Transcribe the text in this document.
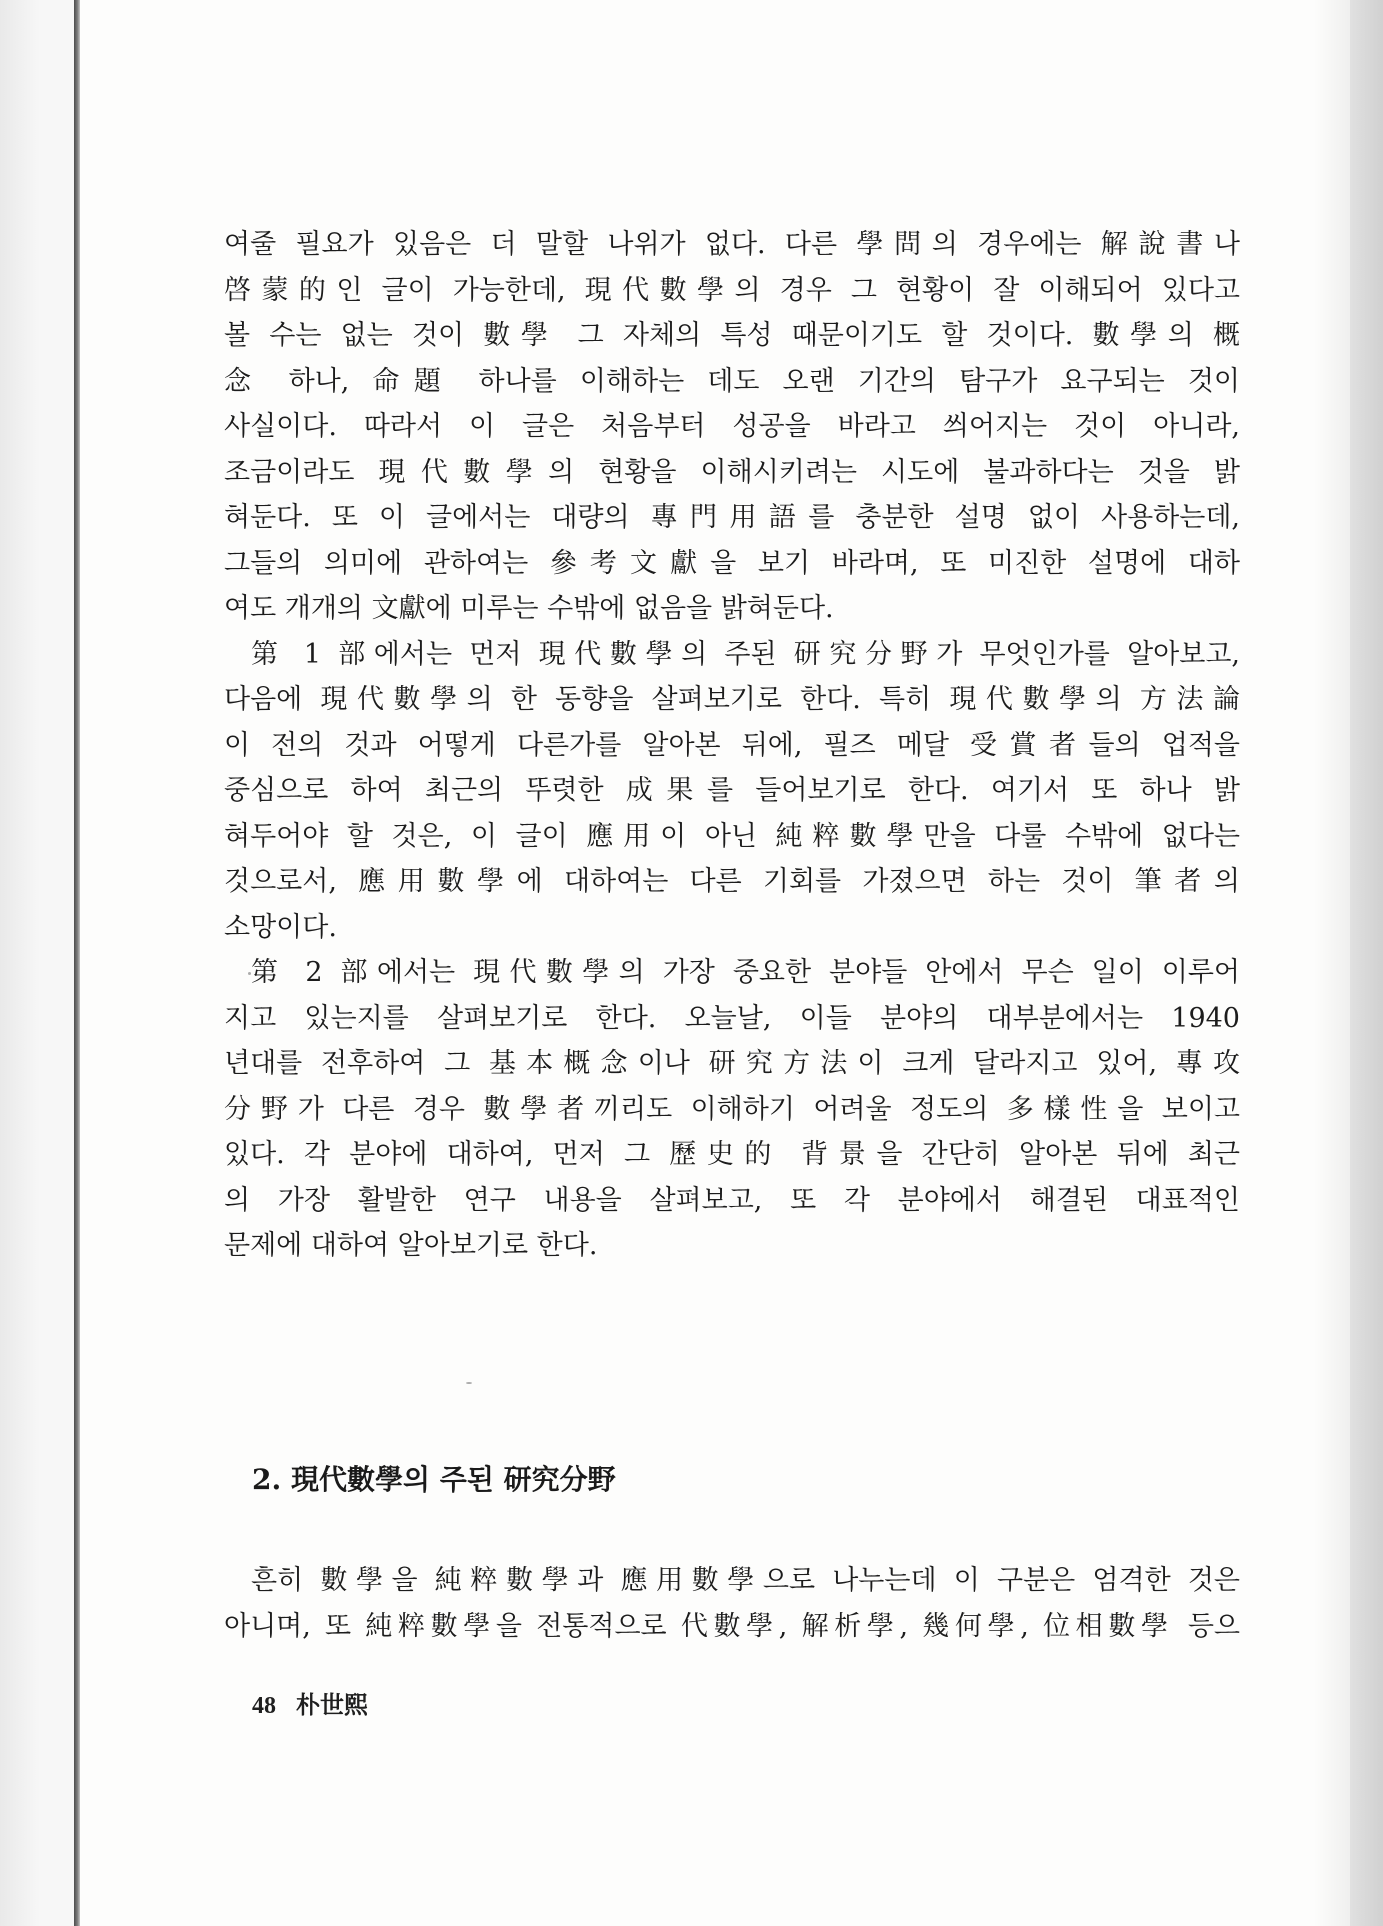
여줄 필요가 있음은 더 말할 나위가 없다. 다른 學問의 경우에는 解說書나

啓蒙的인 글이 가능한데, 現代數學의 경우 그 현황이 잘 이해되어 있다고

볼 수는 없는 것이 數學 그 자체의 특성 때문이기도 할 것이다. 數學의 概

念 하나, 命題 하나를 이해하는 데도 오랜 기간의 탐구가 요구되는 것이

사실이다. 따라서 이 글은 처음부터 성공을 바라고 씌어지는 것이 아니라,

조금이라도 現代數學의 현황을 이해시키려는 시도에 불과하다는 것을 밝

혀둔다. 또 이 글에서는 대량의 專門用語를 충분한 설명 없이 사용하는데,

그들의 의미에 관하여는 參考文獻을 보기 바라며, 또 미진한 설명에 대하

여도 개개의 文獻에 미루는 수밖에 없음을 밝혀둔다.

第 1 部에서는 먼저 現代數學의 주된 研究分野가 무엇인가를 알아보고,

다음에 現代數學의 한 동향을 살펴보기로 한다. 특히 現代數學의 方法論

이 전의 것과 어떻게 다른가를 알아본 뒤에, 필즈 메달 受賞者들의 업적을

중심으로 하여 최근의 뚜렷한 成果를 들어보기로 한다. 여기서 또 하나 밝

혀두어야 할 것은, 이 글이 應用이 아닌 純粹數學만을 다룰 수밖에 없다는

것으로서, 應用數學에 대하여는 다른 기회를 가졌으면 하는 것이 筆者의

소망이다.

第 2 部에서는 現代數學의 가장 중요한 분야들 안에서 무슨 일이 이루어

지고 있는지를 살펴보기로 한다. 오늘날, 이들 분야의 대부분에서는 1940

년대를 전후하여 그 基本概念이나 研究方法이 크게 달라지고 있어, 專攻

分野가 다른 경우 數學者끼리도 이해하기 어려울 정도의 多樣性을 보이고

있다. 각 분야에 대하여, 먼저 그 歷史的 背景을 간단히 알아본 뒤에 최근

의 가장 활발한 연구 내용을 살펴보고, 또 각 분야에서 해결된 대표적인

문제에 대하여 알아보기로 한다.

2. 現代數學의 주된 研究分野

흔히 數學을 純粹數學과 應用數學으로 나누는데 이 구분은 엄격한 것은

아니며, 또 純粹數學을 전통적으로 代數學, 解析學, 幾何學, 位相數學 등으

48 朴世熙
